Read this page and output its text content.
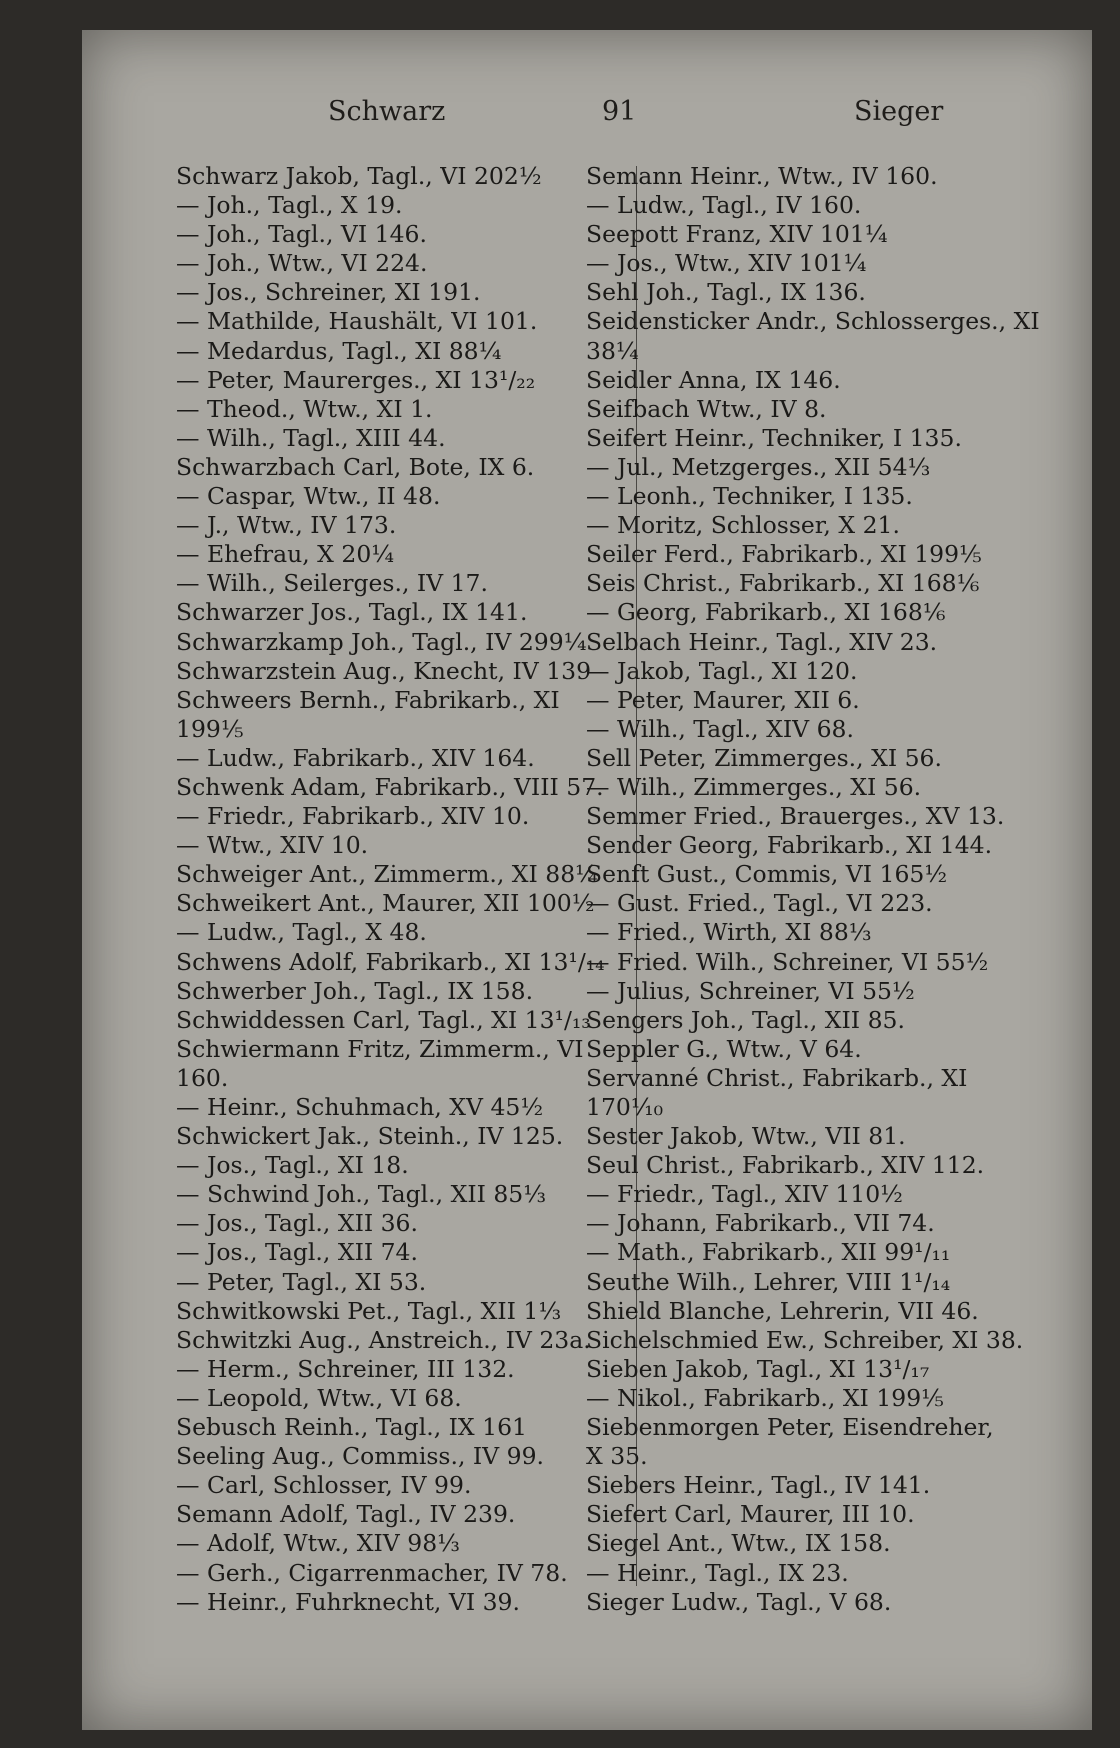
Schwarz	91	Sieger
Schwarz Jakob, Tagl., VI 202½
— Joh., Tagl., X 19.
— Joh., Tagl., VI 146.
— Joh., Wtw., VI 224.
— Jos., Schreiner, XI 191.
— Mathilde, Haushält, VI 101.
— Medardus, Tagl., XI 88¼
— Peter, Maurerges., XI 13¹/₂₂
— Theod., Wtw., XI 1.
— Wilh., Tagl., XIII 44.
Schwarzbach Carl, Bote, IX 6.
— Caspar, Wtw., II 48.
— J., Wtw., IV 173.
— Ehefrau, X 20¼
— Wilh., Seilerges., IV 17.
Schwarzer Jos., Tagl., IX 141.
Schwarzkamp Joh., Tagl., IV 299¼
Schwarzstein Aug., Knecht, IV 139
Schweers Bernh., Fabrikarb., XI
199⅕
— Ludw., Fabrikarb., XIV 164.
Schwenk Adam, Fabrikarb., VIII 57.
— Friedr., Fabrikarb., XIV 10.
— Wtw., XIV 10.
Schweiger Ant., Zimmerm., XI 88¼
Schweikert Ant., Maurer, XII 100½
— Ludw., Tagl., X 48.
Schwens Adolf, Fabrikarb., XI 13¹/₁₄
Schwerber Joh., Tagl., IX 158.
Schwiddessen Carl, Tagl., XI 13¹/₁₃
Schwiermann Fritz, Zimmerm., VI
160.
— Heinr., Schuhmach, XV 45½
Schwickert Jak., Steinh., IV 125.
— Jos., Tagl., XI 18.
— Schwind Joh., Tagl., XII 85⅓
— Jos., Tagl., XII 36.
— Jos., Tagl., XII 74.
— Peter, Tagl., XI 53.
Schwitkowski Pet., Tagl., XII 1⅓
Schwitzki Aug., Anstreich., IV 23a.
— Herm., Schreiner, III 132.
— Leopold, Wtw., VI 68.
Sebusch Reinh., Tagl., IX 161
Seeling Aug., Commiss., IV 99.
— Carl, Schlosser, IV 99.
Semann Adolf, Tagl., IV 239.
— Adolf, Wtw., XIV 98⅓
— Gerh., Cigarrenmacher, IV 78.
— Heinr., Fuhrknecht, VI 39.
Semann Heinr., Wtw., IV 160.
— Ludw., Tagl., IV 160.
Seepott Franz, XIV 101¼
— Jos., Wtw., XIV 101¼
Sehl Joh., Tagl., IX 136.
Seidensticker Andr., Schlosserges., XI
38¼
Seidler Anna, IX 146.
Seifbach Wtw., IV 8.
Seifert Heinr., Techniker, I 135.
— Jul., Metzgerges., XII 54⅓
— Leonh., Techniker, I 135.
— Moritz, Schlosser, X 21.
Seiler Ferd., Fabrikarb., XI 199⅕
Seis Christ., Fabrikarb., XI 168⅙
— Georg, Fabrikarb., XI 168⅙
Selbach Heinr., Tagl., XIV 23.
— Jakob, Tagl., XI 120.
— Peter, Maurer, XII 6.
— Wilh., Tagl., XIV 68.
Sell Peter, Zimmerges., XI 56.
— Wilh., Zimmerges., XI 56.
Semmer Fried., Brauerges., XV 13.
Sender Georg, Fabrikarb., XI 144.
Senft Gust., Commis, VI 165½
— Gust. Fried., Tagl., VI 223.
— Fried., Wirth, XI 88⅓
— Fried. Wilh., Schreiner, VI 55½
— Julius, Schreiner, VI 55½
Sengers Joh., Tagl., XII 85.
Seppler G., Wtw., V 64.
Servanné Christ., Fabrikarb., XI
170⅒
Sester Jakob, Wtw., VII 81.
Seul Christ., Fabrikarb., XIV 112.
— Friedr., Tagl., XIV 110½
— Johann, Fabrikarb., VII 74.
— Math., Fabrikarb., XII 99¹/₁₁
Seuthe Wilh., Lehrer, VIII 1¹/₁₄
Shield Blanche, Lehrerin, VII 46.
Sichelschmied Ew., Schreiber, XI 38.
Sieben Jakob, Tagl., XI 13¹/₁₇
— Nikol., Fabrikarb., XI 199⅕
Siebenmorgen Peter, Eisendreher,
X 35.
Siebers Heinr., Tagl., IV 141.
Siefert Carl, Maurer, III 10.
Siegel Ant., Wtw., IX 158.
— Heinr., Tagl., IX 23.
Sieger Ludw., Tagl., V 68.
